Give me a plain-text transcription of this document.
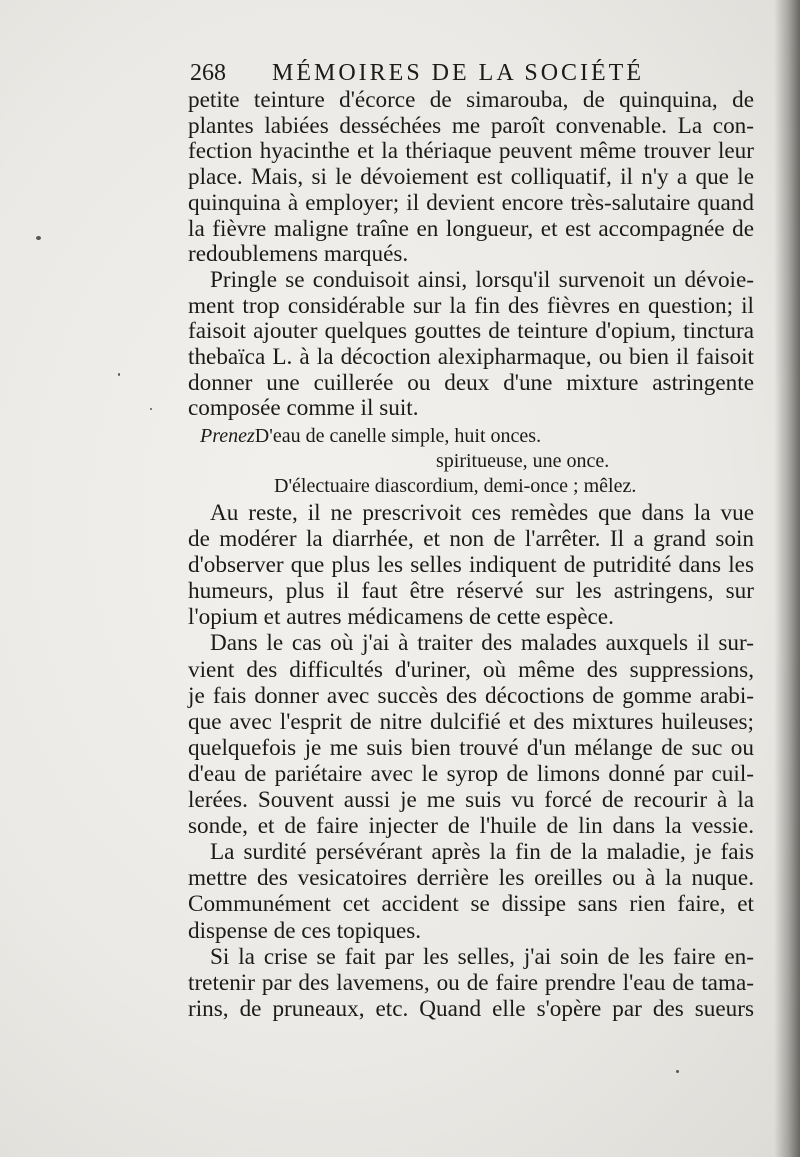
268 MÉMOIRES DE LA SOCIÉTÉ
petite teinture d'écorce de simarouba, de quinquina, de
plantes labiées desséchées me paroît convenable. La con-
fection hyacinthe et la thériaque peuvent même trouver leur
place. Mais, si le dévoiement est colliquatif, il n'y a que le
quinquina à employer; il devient encore très-salutaire quand
la fièvre maligne traîne en longueur, et est accompagnée de
redoublemens marqués.
Pringle se conduisoit ainsi, lorsqu'il survenoit un dévoie-
ment trop considérable sur la fin des fièvres en question; il
faisoit ajouter quelques gouttes de teinture d'opium, tinctura
thebaïca L. à la décoction alexipharmaque, ou bien il faisoit
donner une cuillerée ou deux d'une mixture astringente
composée comme il suit.
PrenezD'eau de canelle simple, huit onces.
spiritueuse, une once.
D'électuaire diascordium, demi-once ; mêlez.
Au reste, il ne prescrivoit ces remèdes que dans la vue
de modérer la diarrhée, et non de l'arrêter. Il a grand soin
d'observer que plus les selles indiquent de putridité dans les
humeurs, plus il faut être réservé sur les astringens, sur
l'opium et autres médicamens de cette espèce.
Dans le cas où j'ai à traiter des malades auxquels il sur-
vient des difficultés d'uriner, où même des suppressions,
je fais donner avec succès des décoctions de gomme arabi-
que avec l'esprit de nitre dulcifié et des mixtures huileuses;
quelquefois je me suis bien trouvé d'un mélange de suc ou
d'eau de pariétaire avec le syrop de limons donné par cuil-
lerées. Souvent aussi je me suis vu forcé de recourir à la
sonde, et de faire injecter de l'huile de lin dans la vessie.
La surdité persévérant après la fin de la maladie, je fais
mettre des vesicatoires derrière les oreilles ou à la nuque.
Communément cet accident se dissipe sans rien faire, et
dispense de ces topiques.
Si la crise se fait par les selles, j'ai soin de les faire en-
tretenir par des lavemens, ou de faire prendre l'eau de tama-
rins, de pruneaux, etc. Quand elle s'opère par des sueurs
